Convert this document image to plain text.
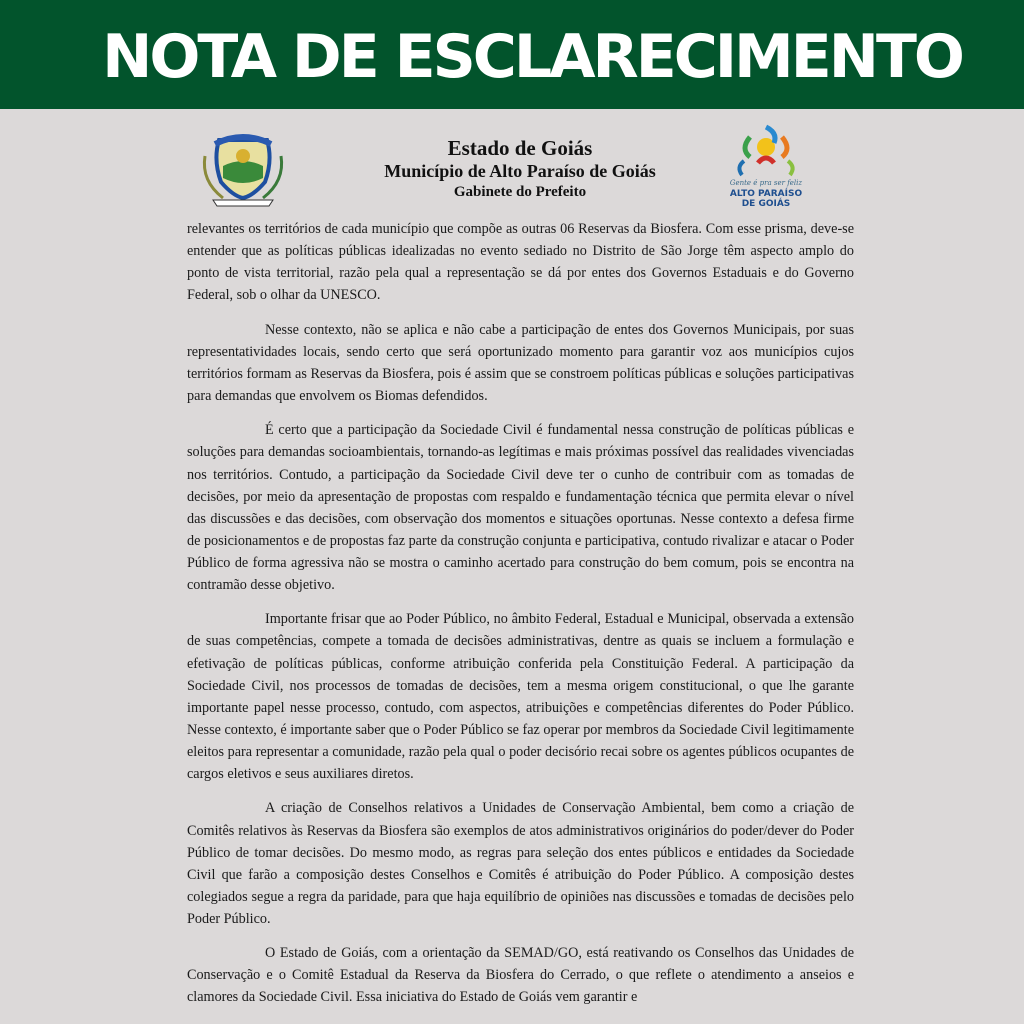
NOTA DE ESCLARECIMENTO
Gente é pra ser feliz
ALTO PARAÍSO
DE GOIÁS
Estado de Goiás
Município de Alto Paraíso de Goiás
Gabinete do Prefeito

relevantes os territórios de cada município que compõe as outras 06 Reservas da Biosfera. Com esse prisma, deve-se entender que as políticas públicas idealizadas no evento sediado no Distrito de São Jorge têm aspecto amplo do ponto de vista territorial, razão pela qual a representação se dá por entes dos Governos Estaduais e do Governo Federal, sob o olhar da UNESCO.

Nesse contexto, não se aplica e não cabe a participação de entes dos Governos Municipais, por suas representatividades locais, sendo certo que será oportunizado momento para garantir voz aos municípios cujos territórios formam as Reservas da Biosfera, pois é assim que se constroem políticas públicas e soluções participativas para demandas que envolvem os Biomas defendidos.

É certo que a participação da Sociedade Civil é fundamental nessa construção de políticas públicas e soluções para demandas socioambientais, tornando-as legítimas e mais próximas possível das realidades vivenciadas nos territórios. Contudo, a participação da Sociedade Civil deve ter o cunho de contribuir com as tomadas de decisões, por meio da apresentação de propostas com respaldo e fundamentação técnica que permita elevar o nível das discussões e das decisões, com observação dos momentos e situações oportunas. Nesse contexto a defesa firme de posicionamentos e de propostas faz parte da construção conjunta e participativa, contudo rivalizar e atacar o Poder Público de forma agressiva não se mostra o caminho acertado para construção do bem comum, pois se encontra na contramão desse objetivo.

Importante frisar que ao Poder Público, no âmbito Federal, Estadual e Municipal, observada a extensão de suas competências, compete a tomada de decisões administrativas, dentre as quais se incluem a formulação e efetivação de políticas públicas, conforme atribuição conferida pela Constituição Federal. A participação da Sociedade Civil, nos processos de tomadas de decisões, tem a mesma origem constitucional, o que lhe garante importante papel nesse processo, contudo, com aspectos, atribuições e competências diferentes do Poder Público. Nesse contexto, é importante saber que o Poder Público se faz operar por membros da Sociedade Civil legitimamente eleitos para representar a comunidade, razão pela qual o poder decisório recai sobre os agentes públicos ocupantes de cargos eletivos e seus auxiliares diretos.

A criação de Conselhos relativos a Unidades de Conservação Ambiental, bem como a criação de Comitês relativos às Reservas da Biosfera são exemplos de atos administrativos originários do poder/dever do Poder Público de tomar decisões. Do mesmo modo, as regras para seleção dos entes públicos e entidades da Sociedade Civil que farão a composição destes Conselhos e Comitês é atribuição do Poder Público. A composição destes colegiados segue a regra da paridade, para que haja equilíbrio de opiniões nas discussões e tomadas de decisões pelo Poder Público.

O Estado de Goiás, com a orientação da SEMAD/GO, está reativando os Conselhos das Unidades de Conservação e o Comitê Estadual da Reserva da Biosfera do Cerrado, o que reflete o atendimento a anseios e clamores da Sociedade Civil. Essa iniciativa do Estado de Goiás vem garantir e
